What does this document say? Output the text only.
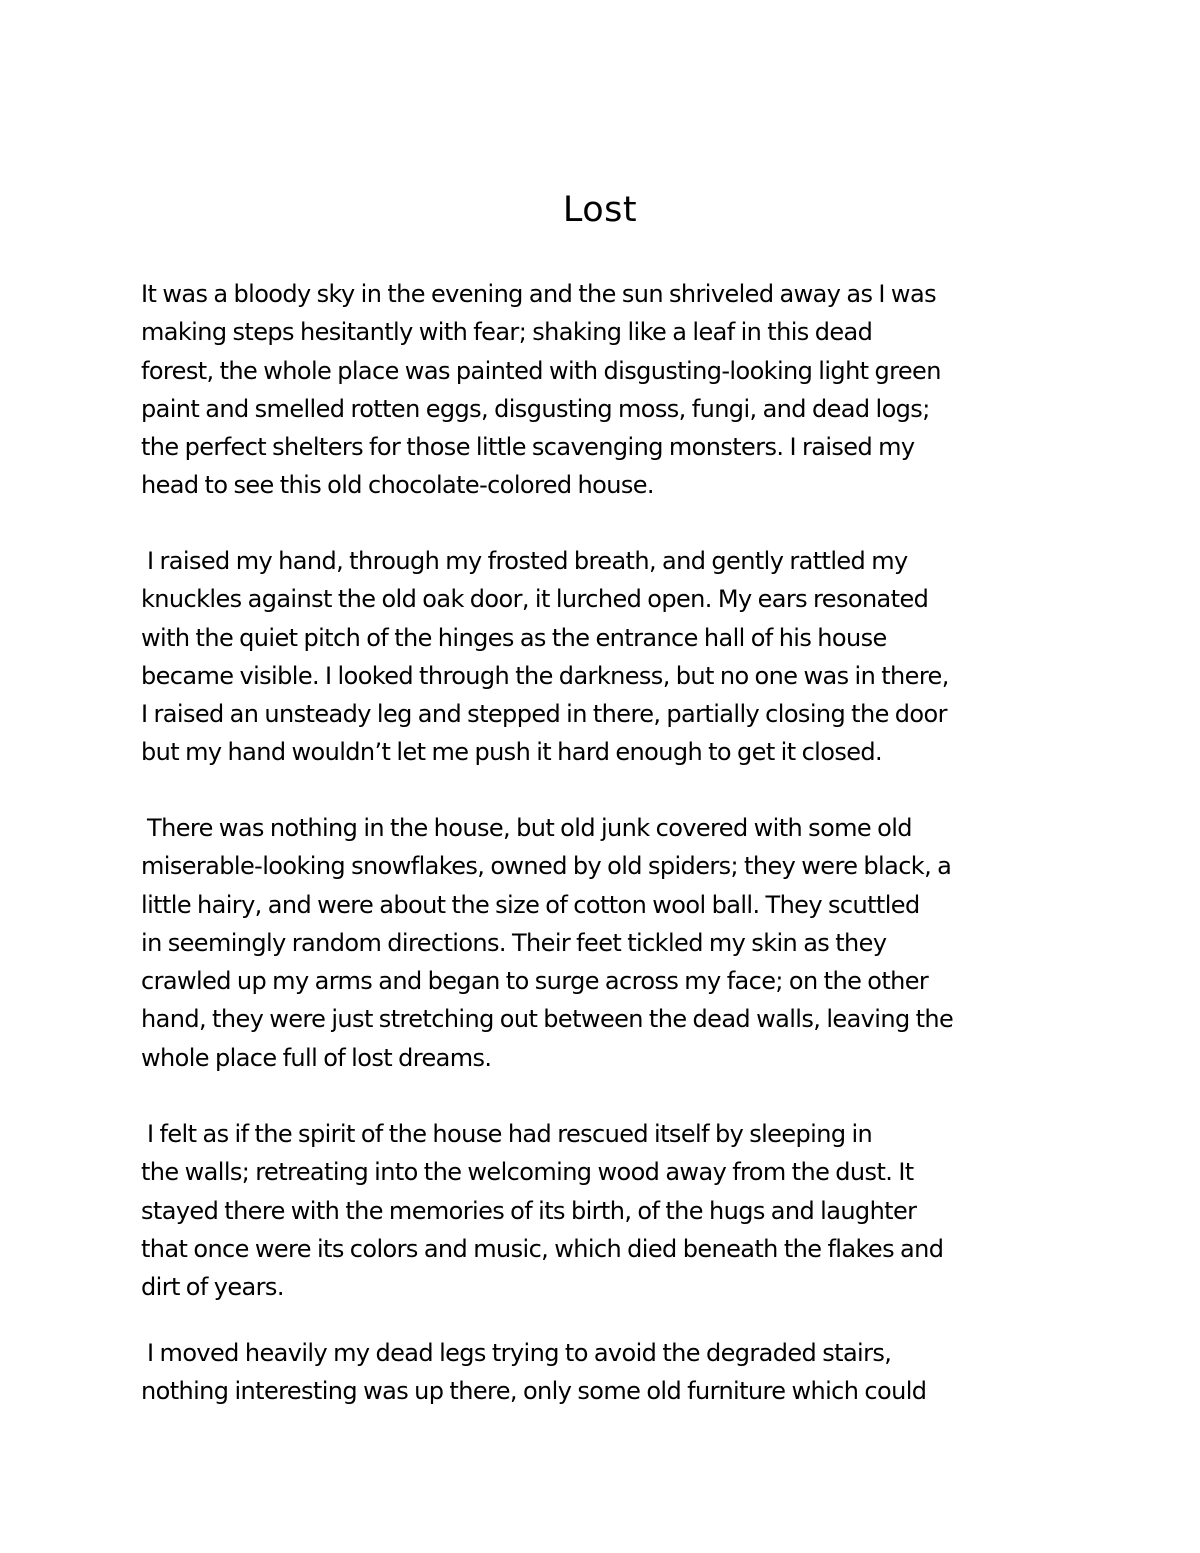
Lost

It was a bloody sky in the evening and the sun shriveled away as I was
making steps hesitantly with fear; shaking like a leaf in this dead
forest, the whole place was painted with disgusting-looking light green
paint and smelled rotten eggs, disgusting moss, fungi, and dead logs;
the perfect shelters for those little scavenging monsters. I raised my
head to see this old chocolate-colored house.

I raised my hand, through my frosted breath, and gently rattled my
knuckles against the old oak door, it lurched open. My ears resonated
with the quiet pitch of the hinges as the entrance hall of his house
became visible. I looked through the darkness, but no one was in there,
I raised an unsteady leg and stepped in there, partially closing the door
but my hand wouldn’t let me push it hard enough to get it closed.

There was nothing in the house, but old junk covered with some old
miserable-looking snowflakes, owned by old spiders; they were black, a
little hairy, and were about the size of cotton wool ball. They scuttled
in seemingly random directions. Their feet tickled my skin as they
crawled up my arms and began to surge across my face; on the other
hand, they were just stretching out between the dead walls, leaving the
whole place full of lost dreams.

I felt as if the spirit of the house had rescued itself by sleeping in
the walls; retreating into the welcoming wood away from the dust. It
stayed there with the memories of its birth, of the hugs and laughter
that once were its colors and music, which died beneath the flakes and
dirt of years.

I moved heavily my dead legs trying to avoid the degraded stairs,
nothing interesting was up there, only some old furniture which could
